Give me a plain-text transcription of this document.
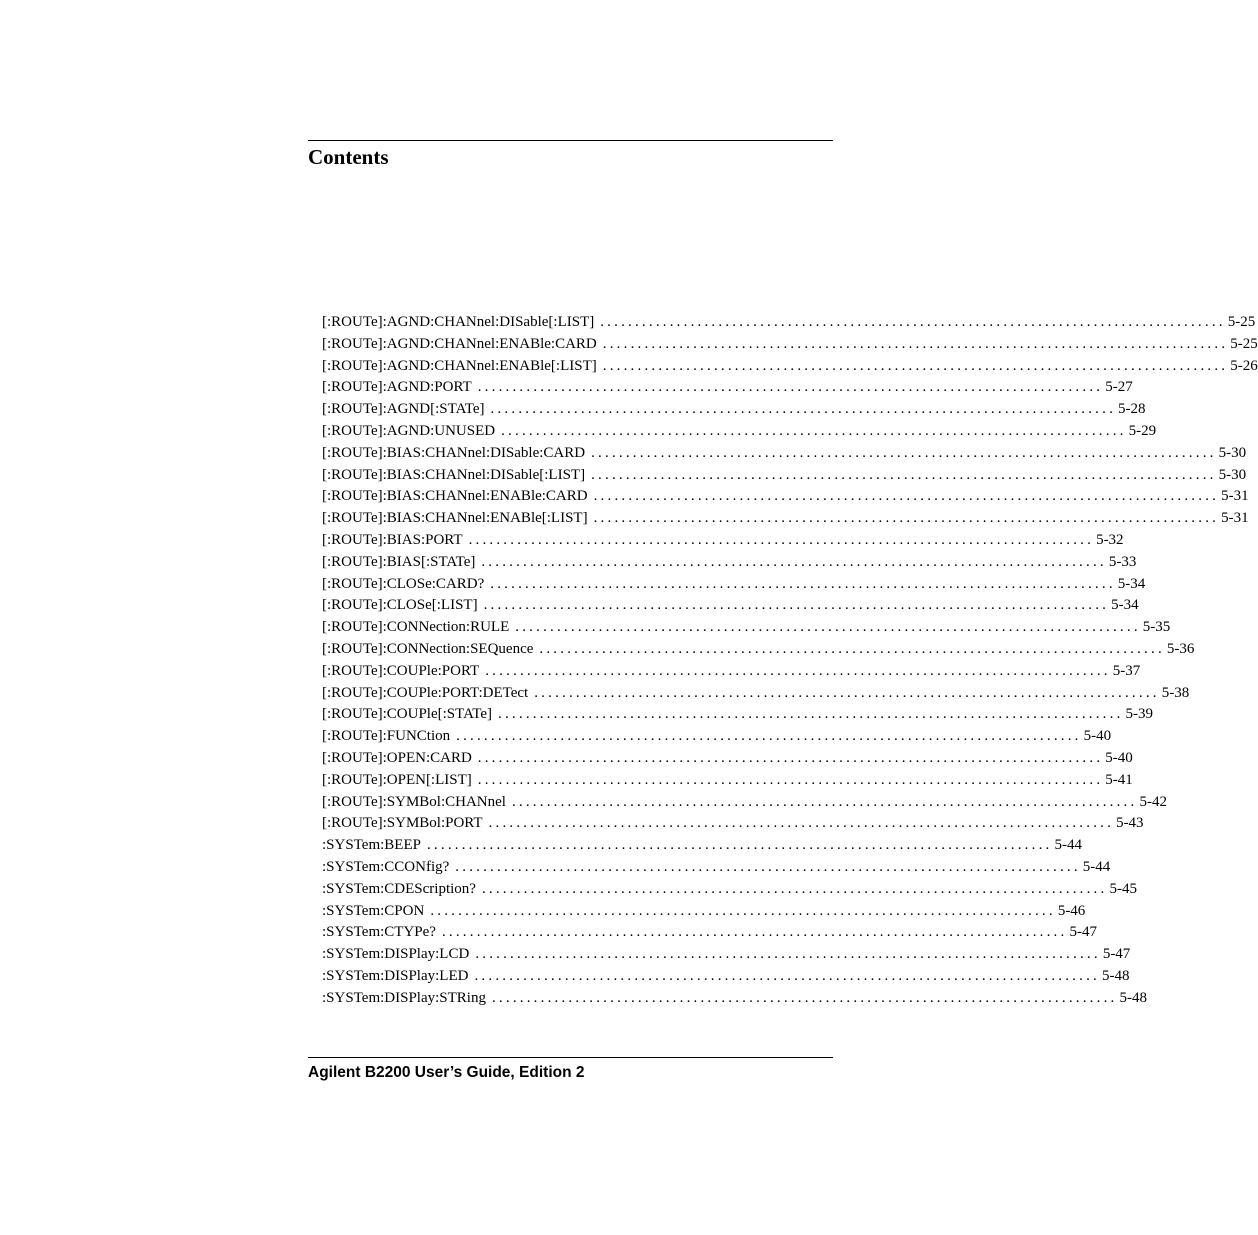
Contents
[:ROUTe]:AGND:CHANnel:DISable[:LIST] .......................................................................................... 5-25
[:ROUTe]:AGND:CHANnel:ENABle:CARD .......................................................................................... 5-25
[:ROUTe]:AGND:CHANnel:ENABle[:LIST] .......................................................................................... 5-26
[:ROUTe]:AGND:PORT .......................................................................................... 5-27
[:ROUTe]:AGND[:STATe] .......................................................................................... 5-28
[:ROUTe]:AGND:UNUSED .......................................................................................... 5-29
[:ROUTe]:BIAS:CHANnel:DISable:CARD .......................................................................................... 5-30
[:ROUTe]:BIAS:CHANnel:DISable[:LIST] .......................................................................................... 5-30
[:ROUTe]:BIAS:CHANnel:ENABle:CARD .......................................................................................... 5-31
[:ROUTe]:BIAS:CHANnel:ENABle[:LIST] .......................................................................................... 5-31
[:ROUTe]:BIAS:PORT .......................................................................................... 5-32
[:ROUTe]:BIAS[:STATe] .......................................................................................... 5-33
[:ROUTe]:CLOSe:CARD? .......................................................................................... 5-34
[:ROUTe]:CLOSe[:LIST] .......................................................................................... 5-34
[:ROUTe]:CONNection:RULE .......................................................................................... 5-35
[:ROUTe]:CONNection:SEQuence .......................................................................................... 5-36
[:ROUTe]:COUPle:PORT .......................................................................................... 5-37
[:ROUTe]:COUPle:PORT:DETect .......................................................................................... 5-38
[:ROUTe]:COUPle[:STATe] .......................................................................................... 5-39
[:ROUTe]:FUNCtion .......................................................................................... 5-40
[:ROUTe]:OPEN:CARD .......................................................................................... 5-40
[:ROUTe]:OPEN[:LIST] .......................................................................................... 5-41
[:ROUTe]:SYMBol:CHANnel .......................................................................................... 5-42
[:ROUTe]:SYMBol:PORT .......................................................................................... 5-43
:SYSTem:BEEP .......................................................................................... 5-44
:SYSTem:CCONfig? .......................................................................................... 5-44
:SYSTem:CDEScription? .......................................................................................... 5-45
:SYSTem:CPON .......................................................................................... 5-46
:SYSTem:CTYPe? .......................................................................................... 5-47
:SYSTem:DISPlay:LCD .......................................................................................... 5-47
:SYSTem:DISPlay:LED .......................................................................................... 5-48
:SYSTem:DISPlay:STRing .......................................................................................... 5-48

Agilent B2200 User’s Guide, Edition 2
